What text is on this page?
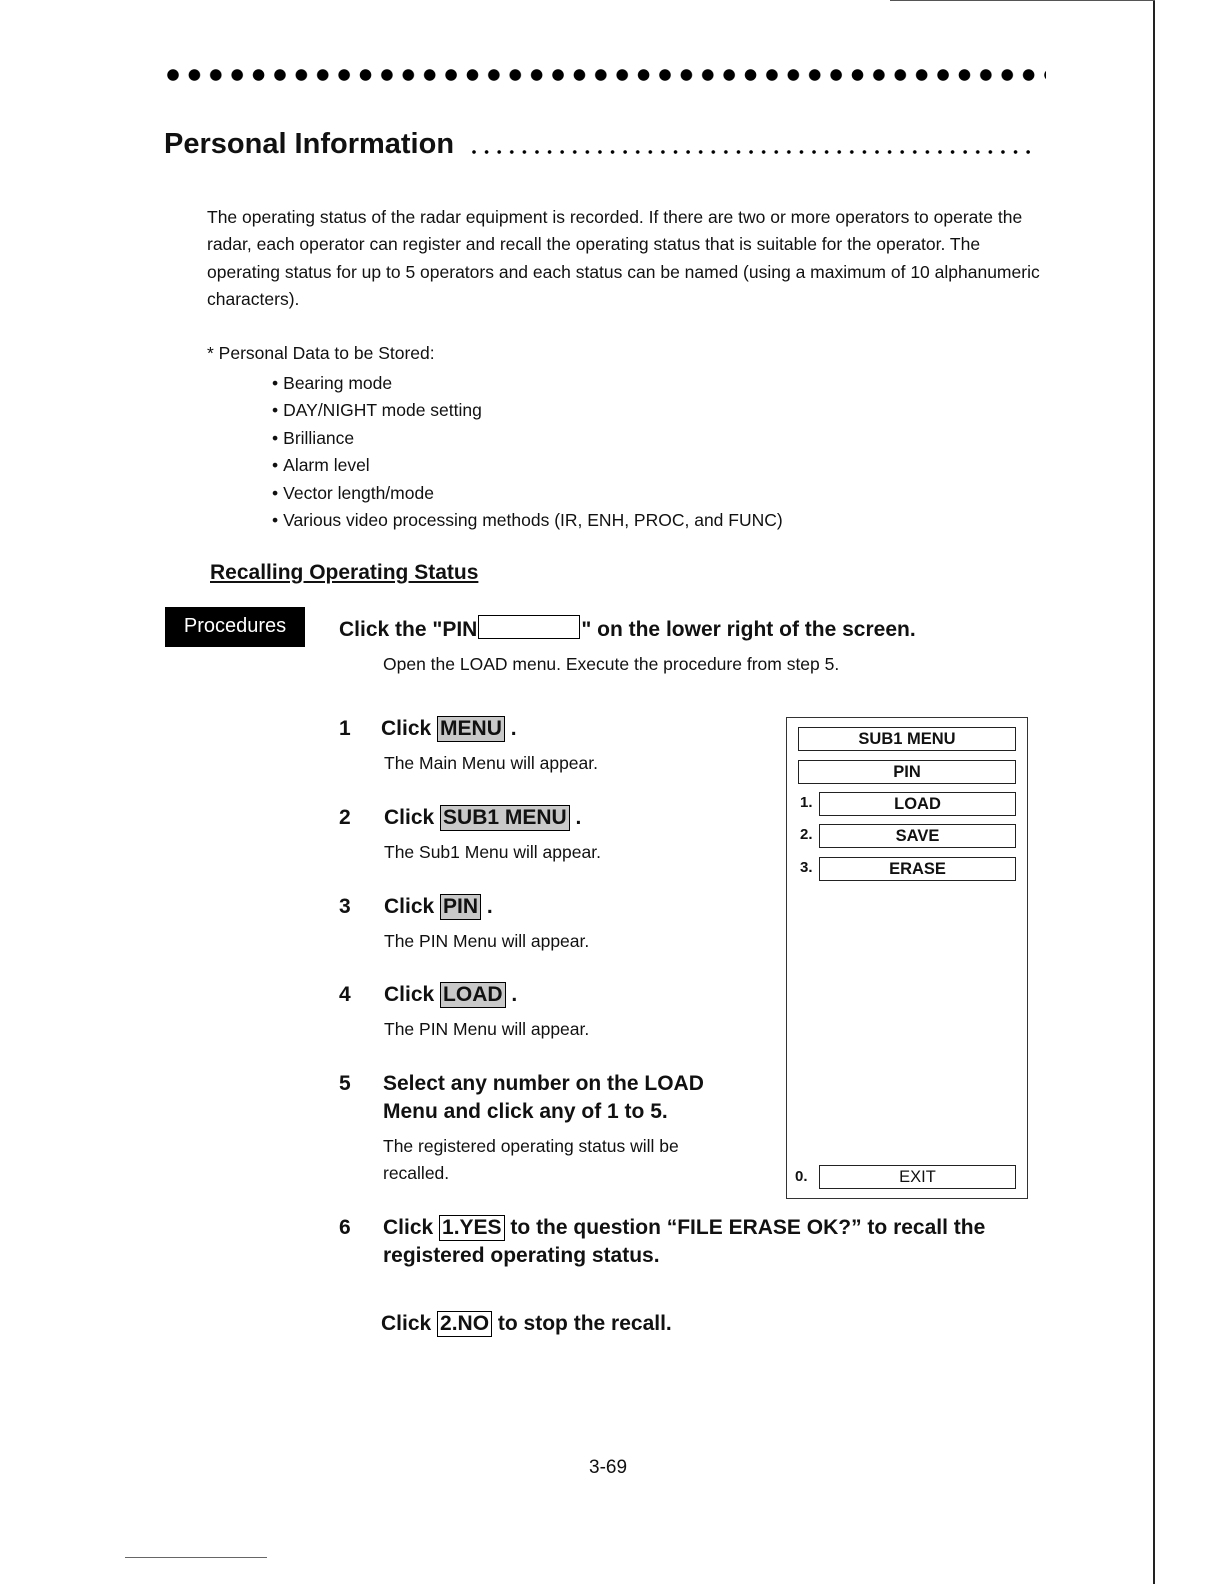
Personal Information

The operating status of the radar equipment is recorded. If there are two or more operators to operate the radar, each operator can register and recall the operating status that is suitable for the operator. The operating status for up to 5 operators and each status can be named (using a maximum of 10 alphanumeric characters).

* Personal Data to be Stored:
• Bearing mode
• DAY/NIGHT mode setting
• Brilliance
• Alarm level
• Vector length/mode
• Various video processing methods (IR, ENH, PROC, and FUNC)
Recalling Operating Status
Procedures	Click the "PIN	" on the lower right of the screen.
Open the LOAD menu. Execute the procedure from step 5.
1 Click MENU .
The Main Menu will appear.
2 Click SUB1 MENU .
The Sub1 Menu will appear.
3 Click PIN .
The PIN Menu will appear.
4 Click LOAD .
The PIN Menu will appear.
5 Select any number on the LOAD
Menu and click any of 1 to 5.
The registered operating status will be
recalled.
SUB1 MENU
PIN
1.	LOAD
2.	SAVE
3.	ERASE
0.	EXIT
6 Click 1.YES to the question “FILE ERASE OK?” to recall the
registered operating status.
Click 2.NO to stop the recall.
3-69
